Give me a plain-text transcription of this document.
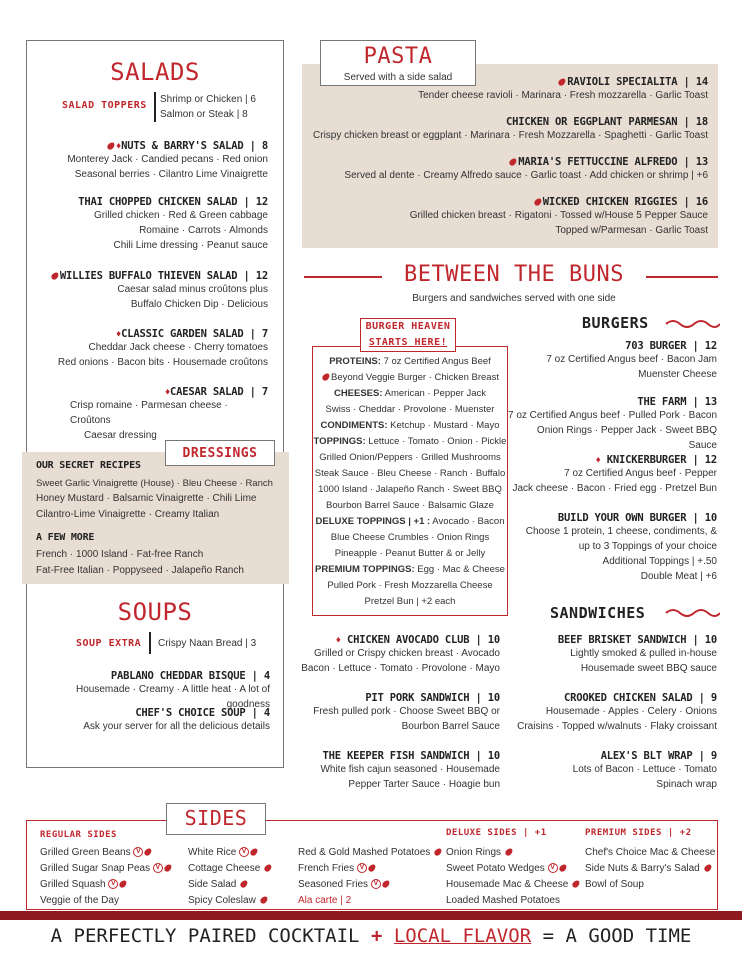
SALADS
SALAD TOPPERS
Shrimp or Chicken | 6
Salmon or Steak | 8
♦NUTS & BARRY'S SALAD | 8
Monterey Jack · Candied pecans · Red onion
Seasonal berries · Cilantro Lime Vinaigrette
THAI CHOPPED CHICKEN SALAD | 12
Grilled chicken · Red & Green cabbage
Romaine · Carrots · Almonds
Chili Lime dressing · Peanut sauce
WILLIES BUFFALO THIEVEN SALAD | 12
Caesar salad minus croûtons plus
Buffalo Chicken Dip · Delicious
♦CLASSIC GARDEN SALAD | 7
Cheddar Jack cheese · Cherry tomatoes
Red onions · Bacon bits · Housemade croûtons
♦CAESAR SALAD | 7
Crisp romaine · Parmesan cheese · Croûtons
Caesar dressing
DRESSINGS
OUR SECRET RECIPES
Sweet Garlic Vinaigrette (House) · Bleu Cheese · Ranch
Honey Mustard · Balsamic Vinaigrette · Chili Lime
Cilantro-Lime Vinaigrette · Creamy Italian
A FEW MORE
French · 1000 Island · Fat-free Ranch
Fat-Free Italian · Poppyseed · Jalapeño Ranch
SOUPS
SOUP EXTRA Crispy Naan Bread | 3
PABLANO CHEDDAR BISQUE | 4
Housemade · Creamy · A little heat · A lot of goodness
CHEF'S CHOICE SOUP | 4
Ask your server for all the delicious details
PASTA
Served with a side salad	RAVIOLI SPECIALITA | 14
Tender cheese ravioli · Marinara · Fresh mozzarella · Garlic Toast
CHICKEN OR EGGPLANT PARMESAN | 18
Crispy chicken breast or eggplant · Marinara · Fresh Mozzarella · Spaghetti · Garlic Toast
MARIA'S FETTUCCINE ALFREDO | 13
Served al dente · Creamy Alfredo sauce · Garlic toast · Add chicken or shrimp | +6
WICKED CHICKEN RIGGIES | 16
Grilled chicken breast · Rigatoni · Tossed w/House 5 Pepper Sauce
Topped w/Parmesan · Garlic Toast
BETWEEN THE BUNS
Burgers and sandwiches served with one side
BURGER HEAVEN
STARTS HERE!
PROTEINS: 7 oz Certified Angus Beef
Beyond Veggie Burger · Chicken Breast
CHEESES: American · Pepper Jack
Swiss · Cheddar · Provolone · Muenster
CONDIMENTS: Ketchup · Mustard · Mayo
TOPPINGS: Lettuce · Tomato · Onion · Pickle
Grilled Onion/Peppers · Grilled Mushrooms
Steak Sauce · Bleu Cheese · Ranch · Buffalo
1000 Island · Jalapeño Ranch · Sweet BBQ
Bourbon Barrel Sauce · Balsamic Glaze
DELUXE TOPPINGS | +1 : Avocado · Bacon
Blue Cheese Crumbles · Onion Rings
Pineapple · Peanut Butter & or Jelly
PREMIUM TOPPINGS: Egg · Mac & Cheese
Pulled Pork · Fresh Mozzarella Cheese
Pretzel Bun | +2 each
BURGERS
703 BURGER | 12
7 oz Certified Angus beef · Bacon Jam
Muenster Cheese
THE FARM | 13
7 oz Certified Angus beef · Pulled Pork · Bacon
Onion Rings · Pepper Jack · Sweet BBQ Sauce
♦ KNICKERBURGER | 12
7 oz Certified Angus beef · Pepper
Jack cheese · Bacon · Fried egg · Pretzel Bun
BUILD YOUR OWN BURGER | 10
Choose 1 protein, 1 cheese, condiments, &
up to 3 Toppings of your choice
Additional Toppings | +.50
Double Meat | +6
SANDWICHES
♦ CHICKEN AVOCADO CLUB | 10
Grilled or Crispy chicken breast · Avocado
Bacon · Lettuce · Tomato · Provolone · Mayo
PIT PORK SANDWICH | 10
Fresh pulled pork · Choose Sweet BBQ or
Bourbon Barrel Sauce
THE KEEPER FISH SANDWICH | 10
White fish cajun seasoned · Housemade
Pepper Tarter Sauce · Hoagie bun
BEEF BRISKET SANDWICH | 10
Lightly smoked & pulled in-house
Housemade sweet BBQ sauce
CROOKED CHICKEN SALAD | 9
Housemade · Apples · Celery · Onions
Craisins · Topped w/walnuts · Flaky croissant
ALEX'S BLT WRAP | 9
Lots of Bacon · Lettuce · Tomato
Spinach wrap
SIDES
REGULAR SIDES
Grilled Green Beans V
Grilled Sugar Snap Peas V
Grilled Squash V
Veggie of the Day
White Rice V
Cottage Cheese
Side Salad
Spicy Coleslaw
Red & Gold Mashed Potatoes
French Fries V
Seasoned Fries V
Ala carte | 2
DELUXE SIDES | +1
Onion Rings
Sweet Potato Wedges V
Housemade Mac & Cheese
Loaded Mashed Potatoes
PREMIUM SIDES | +2
Chef's Choice Mac & Cheese
Side Nuts & Barry's Salad
Bowl of Soup
A PERFECTLY PAIRED COCKTAIL + LOCAL FLAVOR = A GOOD TIME
